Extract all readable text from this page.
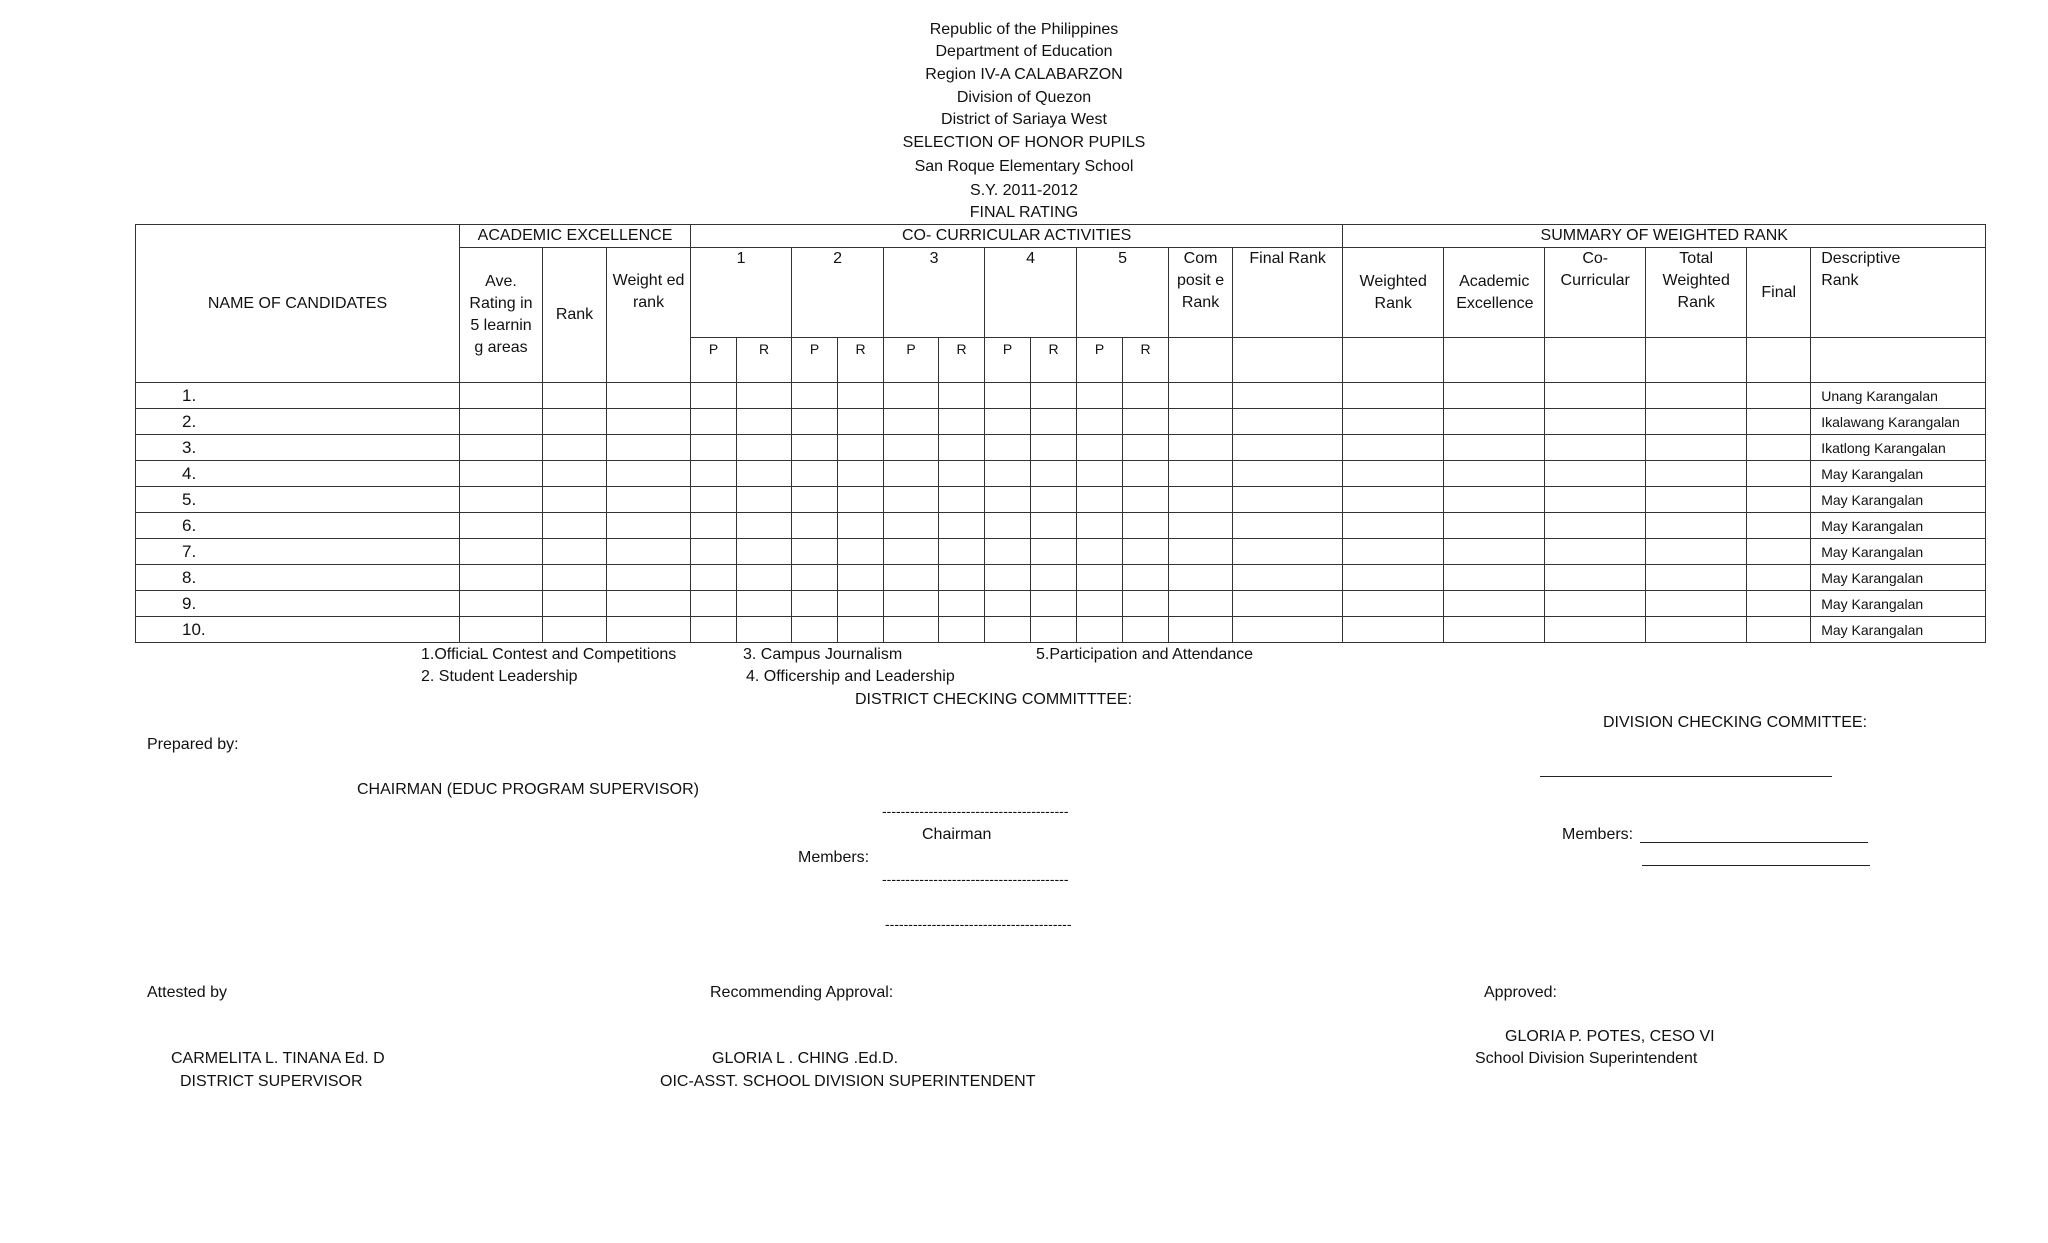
Republic of the Philippines
Department of Education
Region IV-A CALABARZON
Division of Quezon
District of Sariaya West
SELECTION OF HONOR PUPILS
San Roque Elementary School
S.Y. 2011-2012
FINAL RATING
NAME OF CANDIDATES	ACADEMIC EXCELLENCE			CO- CURRICULAR ACTIVITIES												SUMMARY OF WEIGHTED RANK					
	Ave. Rating in 5 learnin g areas	Rank	Weight ed rank	1		2		3		4		5		Com posit e Rank	Final Rank	Weighted Rank	Academic Excellence	Co- Curricular	Total Weighted Rank	Final	Descriptive Rank
				P	R	P	R	P	R	P	R	P	R								
1.																					Unang Karangalan
2.																					Ikalawang Karangalan
3.																					Ikatlong Karangalan
4.																					May Karangalan
5.																					May Karangalan
6.																					May Karangalan
7.																					May Karangalan
8.																					May Karangalan
9.																					May Karangalan
10.																					May Karangalan
1.OfficiaL Contest and Competitions
2. Student Leadership
3. Campus Journalism
4. Officership and Leadership
5.Participation and Attendance
DISTRICT CHECKING COMMITTTEE:
----------------------------------------
Chairman
Members:
----------------------------------------
----------------------------------------
DIVISION CHECKING COMMITTEE:
Members:
Prepared by:
CHAIRMAN (EDUC PROGRAM SUPERVISOR)
Attested by
CARMELITA L. TINANA Ed. D
DISTRICT SUPERVISOR
Recommending Approval:
GLORIA L . CHING .Ed.D.
OIC-ASST. SCHOOL DIVISION SUPERINTENDENT
Approved:
GLORIA P. POTES, CESO VI
School Division Superintendent
